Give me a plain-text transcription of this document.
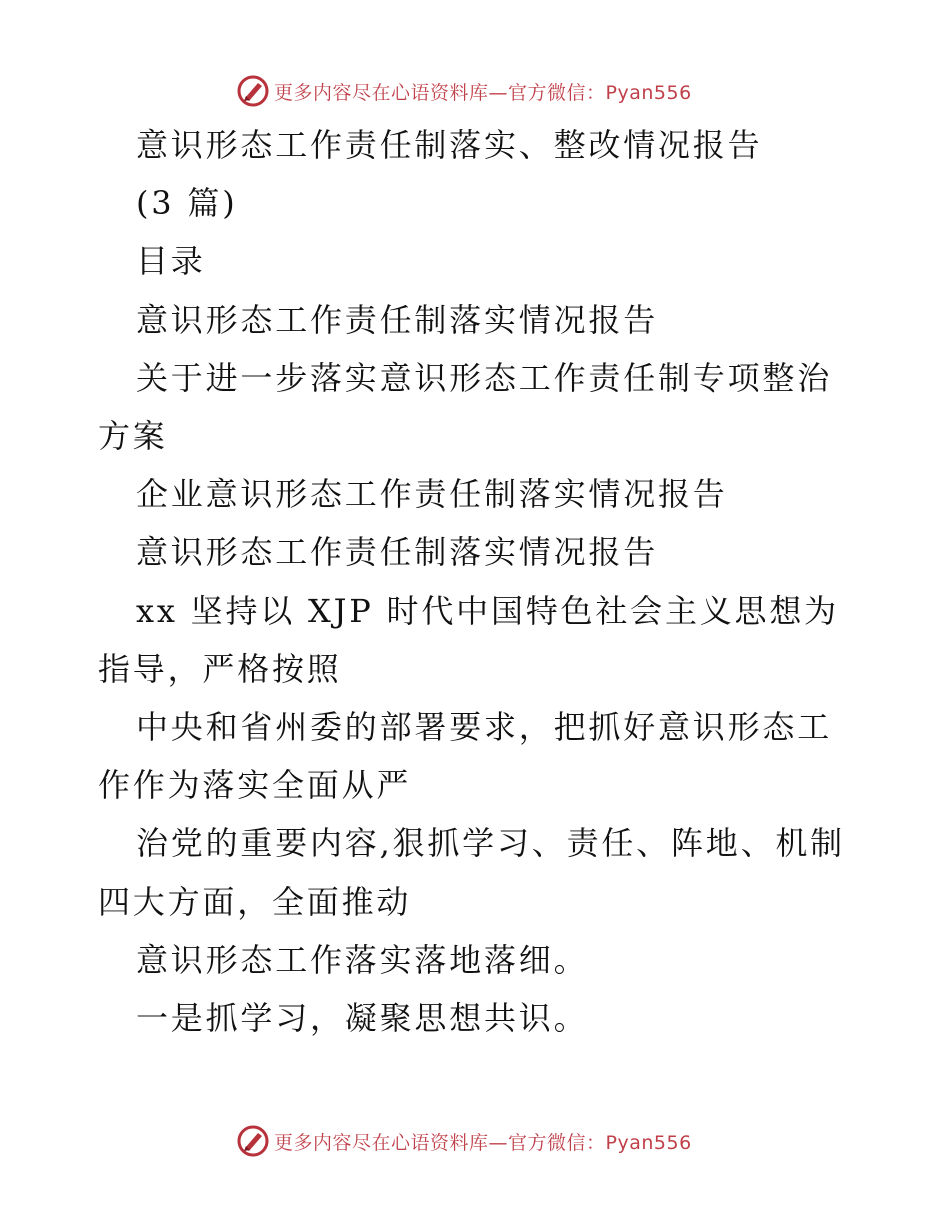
更多内容尽在心语资料库—官方微信：Pyan556
意识形态工作责任制落实、整改情况报告
(3 篇)
目录
意识形态工作责任制落实情况报告
关于进一步落实意识形态工作责任制专项整治方案
企业意识形态工作责任制落实情况报告
意识形态工作责任制落实情况报告
xx 坚持以 XJP 时代中国特色社会主义思想为指导，严格按照
中央和省州委的部署要求，把抓好意识形态工作作为落实全面从严
治党的重要内容,狠抓学习、责任、阵地、机制四大方面，全面推动
意识形态工作落实落地落细。
一是抓学习，凝聚思想共识。
更多内容尽在心语资料库—官方微信：Pyan556
